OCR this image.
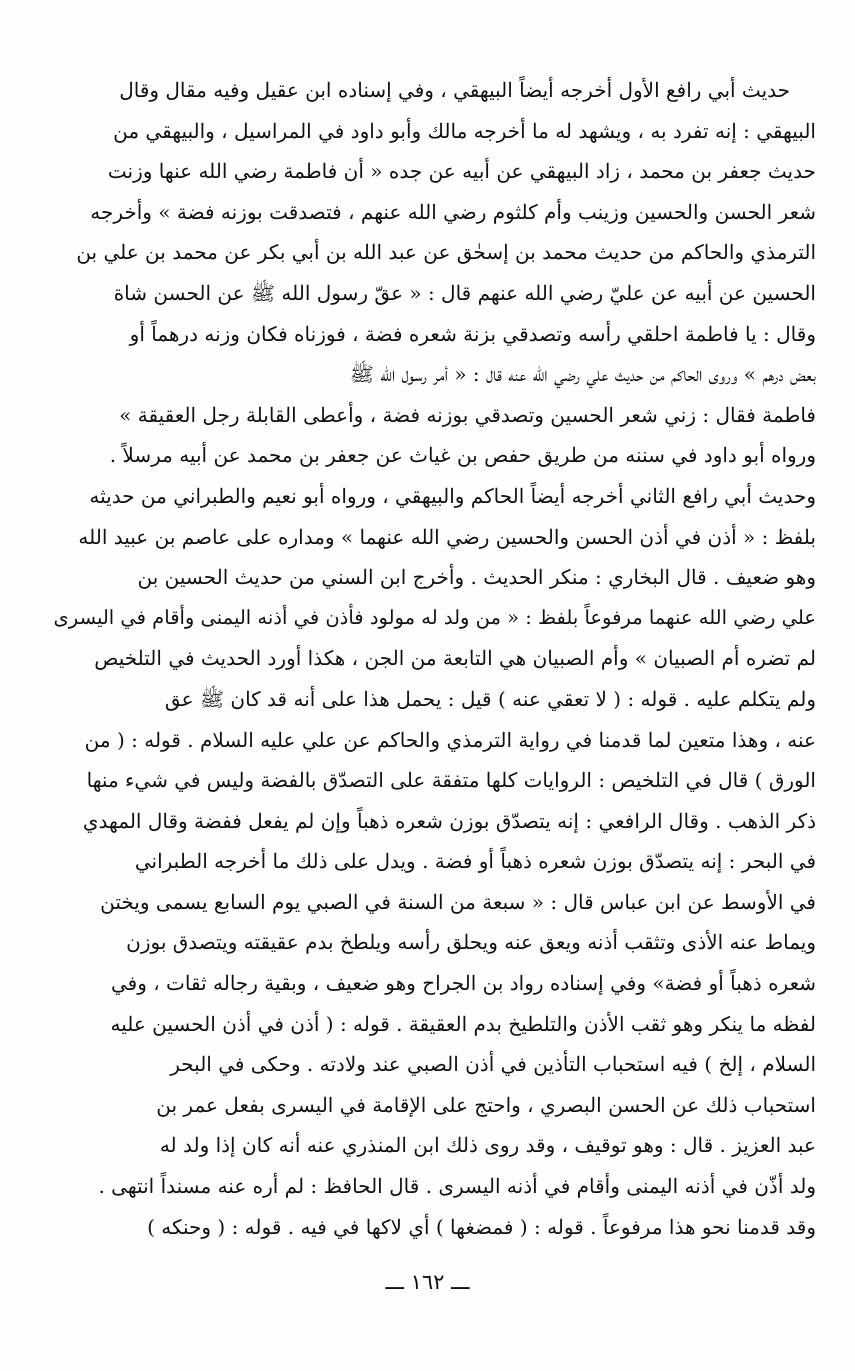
حديث أبي رافع الأول أخرجه أيضاً البيهقي ، وفي إسناده ابن عقيل وفيه مقال وقال
البيهقي : إنه تفرد به ، ويشهد له ما أخرجه مالك وأبو داود في المراسيل ، والبيهقي من
حديث جعفر بن محمد ، زاد البيهقي عن أبيه عن جده « أن فاطمة رضي الله عنها وزنت
شعر الحسن والحسين وزينب وأم كلثوم رضي الله عنهم ، فتصدقت بوزنه فضة » وأخرجه
الترمذي والحاكم من حديث محمد بن إسحٰق عن عبد الله بن أبي بكر عن محمد بن علي بن
الحسين عن أبيه عن عليّ رضي الله عنهم قال : « عقّ رسول الله ﷺ عن الحسن شاة
وقال : يا فاطمة احلقي رأسه وتصدقي بزنة شعره فضة ، فوزناه فكان وزنه درهماً أو
بعض درهم » وروى الحاكم من حديث علي رضي الله عنه قال : « أمر رسول الله ﷺ
فاطمة فقال : زني شعر الحسين وتصدقي بوزنه فضة ، وأعطى القابلة رجل العقيقة »
ورواه أبو داود في سننه من طريق حفص بن غياث عن جعفر بن محمد عن أبيه مرسلاً .
وحديث أبي رافع الثاني أخرجه أيضاً الحاكم والبيهقي ، ورواه أبو نعيم والطبراني من حديثه
بلفظ : « أذن في أذن الحسن والحسين رضي الله عنهما » ومداره على عاصم بن عبيد الله
وهو ضعيف . قال البخاري : منكر الحديث . وأخرج ابن السني من حديث الحسين بن
علي رضي الله عنهما مرفوعاً بلفظ : « من ولد له مولود فأذن في أذنه اليمنى وأقام في اليسرى
لم تضره أم الصبيان » وأم الصبيان هي التابعة من الجن ، هكذا أورد الحديث في التلخيص
ولم يتكلم عليه . قوله : ( لا تعقي عنه ) قيل : يحمل هذا على أنه قد كان ﷺ عق
عنه ، وهذا متعين لما قدمنا في رواية الترمذي والحاكم عن علي عليه السلام . قوله : ( من
الورق ) قال في التلخيص : الروايات كلها متفقة على التصدّق بالفضة وليس في شيء منها
ذكر الذهب . وقال الرافعي : إنه يتصدّق بوزن شعره ذهباً وإن لم يفعل ففضة وقال المهدي
في البحر : إنه يتصدّق بوزن شعره ذهباً أو فضة . ويدل على ذلك ما أخرجه الطبراني
في الأوسط عن ابن عباس قال : « سبعة من السنة في الصبي يوم السابع يسمى ويختن
ويماط عنه الأذى وتثقب أذنه ويعق عنه ويحلق رأسه ويلطخ بدم عقيقته ويتصدق بوزن
شعره ذهباً أو فضة» وفي إسناده رواد بن الجراح وهو ضعيف ، وبقية رجاله ثقات ، وفي
لفظه ما ينكر وهو ثقب الأذن والتلطيخ بدم العقيقة . قوله : ( أذن في أذن الحسين عليه
السلام ، إلخ ) فيه استحباب التأذين في أذن الصبي عند ولادته . وحكى في البحر
استحباب ذلك عن الحسن البصري ، واحتج على الإقامة في اليسرى بفعل عمر بن
عبد العزيز . قال : وهو توقيف ، وقد روى ذلك ابن المنذري عنه أنه كان إذا ولد له
ولد أذّن في أذنه اليمنى وأقام في أذنه اليسرى . قال الحافظ : لم أره عنه مسنداً انتهى .
وقد قدمنا نحو هذا مرفوعاً . قوله : ( فمضغها ) أي لاكها في فيه . قوله : ( وحنكه )
ـــ ١٦٢ ـــ
